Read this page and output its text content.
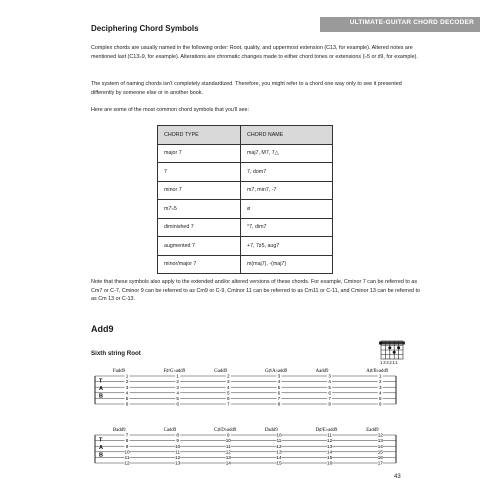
ULTIMATE-GUITAR CHORD DECODER
Deciphering Chord Symbols
Complex chords are usually named in the following order: Root, quality, and uppermost extension (C13, for example). Altered notes are mentioned last (C13♭9, for example). Alterations are chromatic changes made to either chord tones or extensions (♭5 or ♯9, for example).
The system of naming chords isn't completely standardized. Therefore, you might refer to a chord one way only to see it presented differently by someone else or in another book.
Here are some of the most common chord symbols that you'll see:
CHORD TYPE	CHORD NAME
major 7	maj7, M7, 7△
7	7, dom7
minor 7	m7, min7, -7
m7♭5	ø
diminished 7	°7, dim7
augmented 7	+7, 7♯5, aug7
minor/major 7	m(maj7), -(maj7)
Note that these symbols also apply to the extended and/or altered versions of these chords. For example, Cminor 7 can be referred to as Cm7 or C-7, Cminor 9 can be referred to as Cm9 or C-9, Cminor 11 can be referred to as Cm11 or C-11, and Cminor 13 can be referred to as Cm 13 or C-13.
Add9
Sixth string Root
134211
T
A
B
Fadd9
1
2
3
4
5
6
F♯/G♭add9
1
2
3
4
5
6
Gadd9
2
3
4
5
6
7
G♯/A♭add9
3
4
5
6
7
8
Aadd9
3
4
5
6
7
8
A♯/B♭add9
1
2
3
4
5
6
T
A
B
Badd9
7
8
9
10
11
12
Cadd9
8
9
10
11
12
13
C♯/D♭add9
9
10
11
12
13
14
Dadd9
10
11
12
13
14
15
D♯/E♭add9
11
12
13
14
15
16
Eadd9
12
13
14
15
16
17
43
